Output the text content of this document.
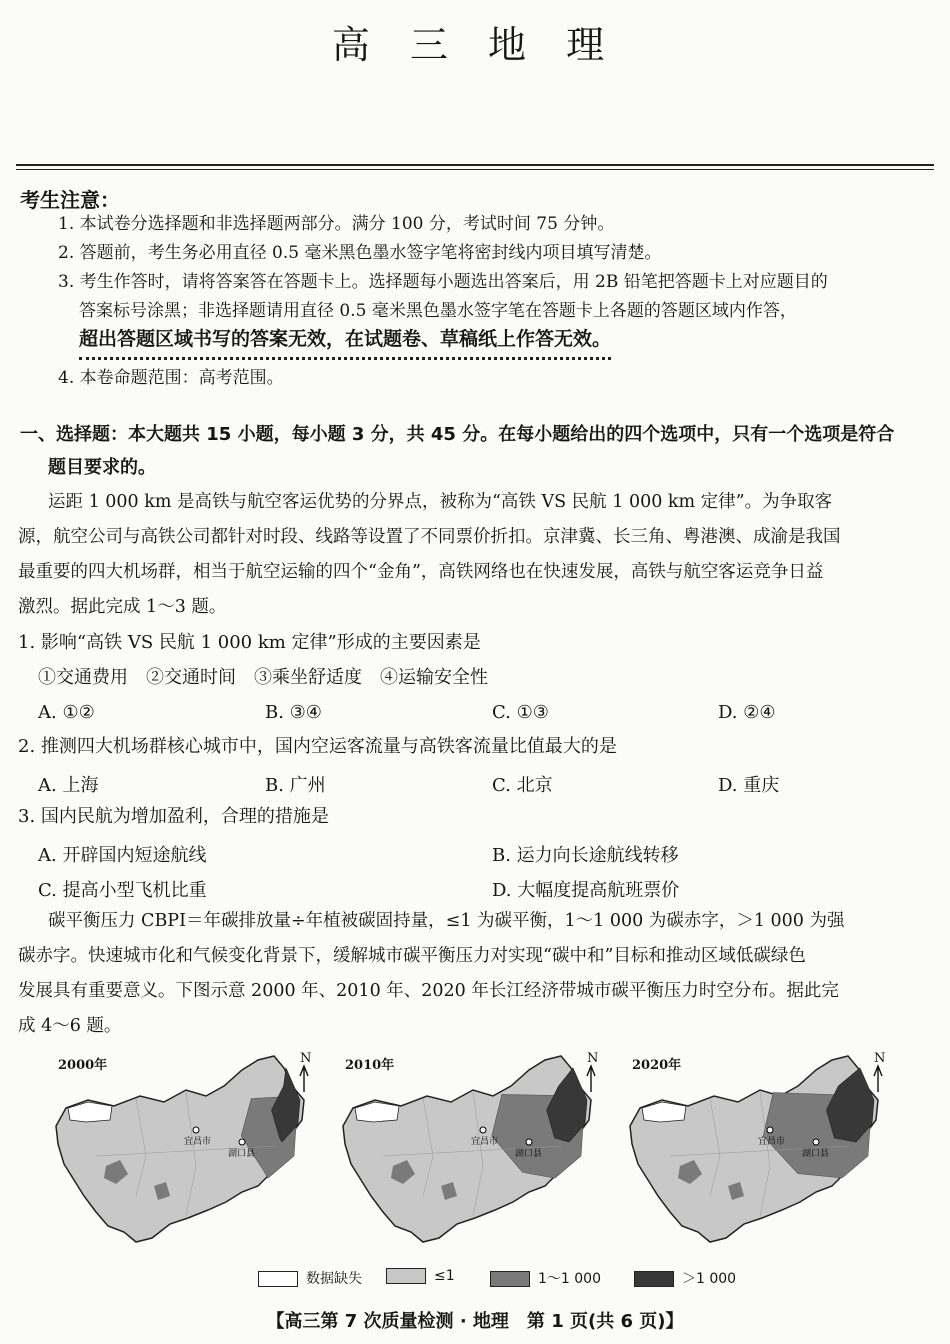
高 三 地 理
考生注意：
1. 本试卷分选择题和非选择题两部分。满分 100 分，考试时间 75 分钟。
2. 答题前，考生务必用直径 0.5 毫米黑色墨水签字笔将密封线内项目填写清楚。
3. 考生作答时，请将答案答在答题卡上。选择题每小题选出答案后，用 2B 铅笔把答题卡上对应题目的
答案标号涂黑；非选择题请用直径 0.5 毫米黑色墨水签字笔在答题卡上各题的答题区域内作答，
超出答题区域书写的答案无效，在试题卷、草稿纸上作答无效。
4. 本卷命题范围：高考范围。
一、选择题：本大题共 15 小题，每小题 3 分，共 45 分。在每小题给出的四个选项中，只有一个选项是符合
题目要求的。
运距 1 000 km 是高铁与航空客运优势的分界点，被称为“高铁 VS 民航 1 000 km 定律”。为争取客
源，航空公司与高铁公司都针对时段、线路等设置了不同票价折扣。京津冀、长三角、粤港澳、成渝是我国
最重要的四大机场群，相当于航空运输的四个“金角”，高铁网络也在快速发展，高铁与航空客运竞争日益
激烈。据此完成 1～3 题。
1. 影响“高铁 VS 民航 1 000 km 定律”形成的主要因素是
①交通费用　②交通时间　③乘坐舒适度　④运输安全性
A. ①②	B. ③④	C. ①③	D. ②④
2. 推测四大机场群核心城市中，国内空运客流量与高铁客流量比值最大的是
A. 上海	B. 广州	C. 北京	D. 重庆
3. 国内民航为增加盈利，合理的措施是
A. 开辟国内短途航线	B. 运力向长途航线转移
C. 提高小型飞机比重	D. 大幅度提高航班票价
碳平衡压力 CBPI＝年碳排放量÷年植被碳固持量，≤1 为碳平衡，1～1 000 为碳赤字，＞1 000 为强
碳赤字。快速城市化和气候变化背景下，缓解城市碳平衡压力对实现“碳中和”目标和推动区域低碳绿色
发展具有重要意义。下图示意 2000 年、2010 年、2020 年长江经济带城市碳平衡压力时空分布。据此完
成 4～6 题。
2000年
宜昌市
湖口县
N	2010年
宜昌市
湖口县
N	2020年
宜昌市
湖口县
N
数据缺失	≤1	1～1 000	＞1 000
【高三第 7 次质量检测 · 地理　第 1 页(共 6 页)】
